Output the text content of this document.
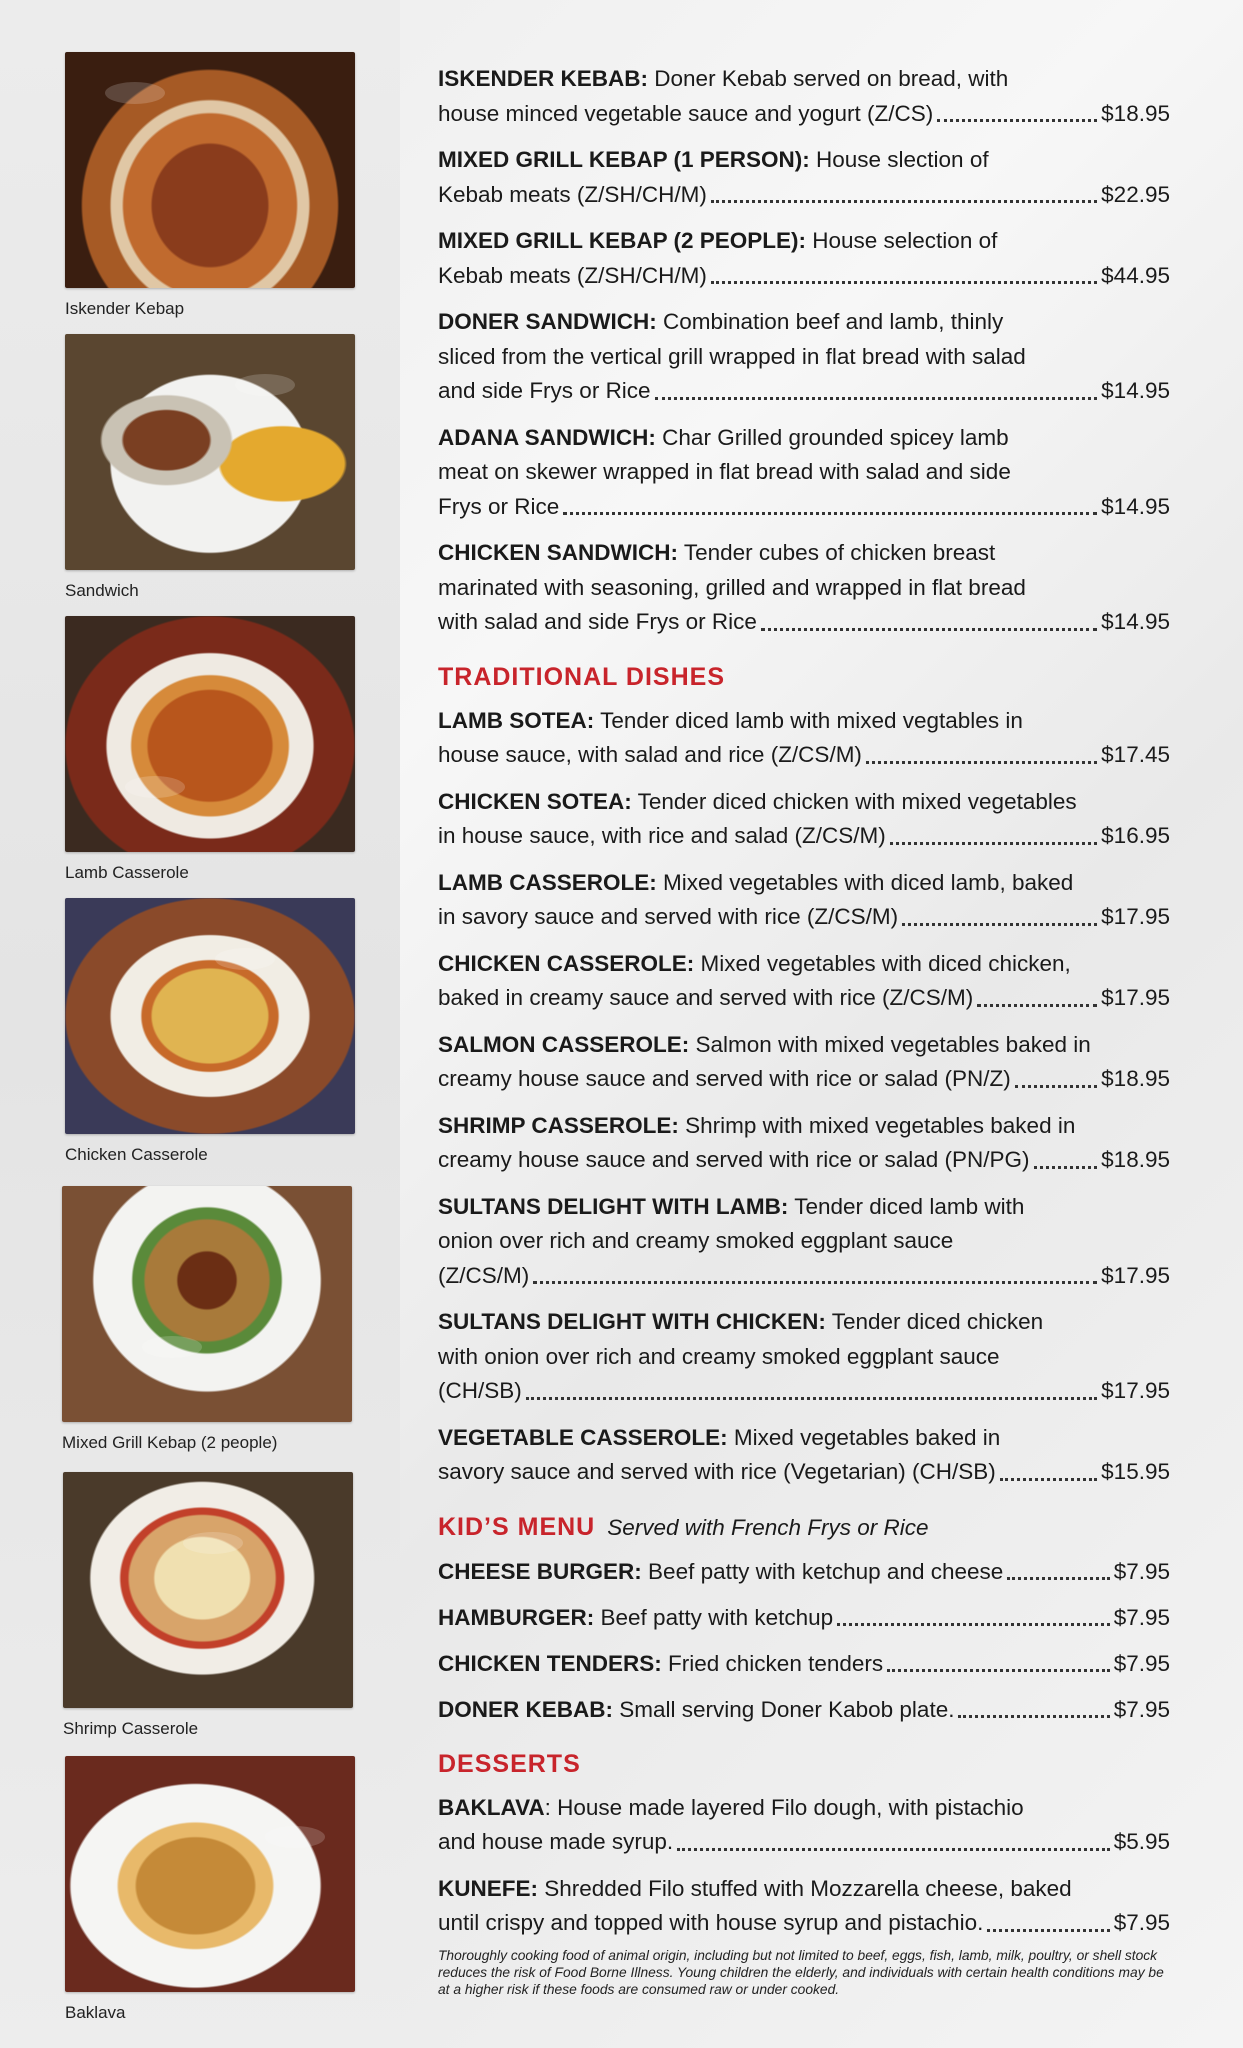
Iskender Kebap
Sandwich
Lamb Casserole
Chicken Casserole
Mixed Grill Kebap (2 people)
Shrimp Casserole
Baklava
ISKENDER KEBAB: Doner Kebab served on bread, with
house minced vegetable sauce and yogurt (Z/CS)	$18.95
MIXED GRILL KEBAP (1 PERSON): House slection of
Kebab meats (Z/SH/CH/M)	$22.95
MIXED GRILL KEBAP (2 PEOPLE): House selection of
Kebab meats (Z/SH/CH/M)	$44.95
DONER SANDWICH: Combination beef and lamb, thinly
sliced from the vertical grill wrapped in flat bread with salad
and side Frys or Rice	$14.95
ADANA SANDWICH: Char Grilled grounded spicey lamb
meat on skewer wrapped in flat bread with salad and side
Frys or Rice	$14.95
CHICKEN SANDWICH: Tender cubes of chicken breast
marinated with seasoning, grilled and wrapped in flat bread
with salad and side Frys or Rice	$14.95
TRADITIONAL DISHES
LAMB SOTEA: Tender diced lamb with mixed vegtables in
house sauce, with salad and rice (Z/CS/M)	$17.45
CHICKEN SOTEA: Tender diced chicken with mixed vegetables
in house sauce, with rice and salad (Z/CS/M)	$16.95
LAMB CASSEROLE: Mixed vegetables with diced lamb, baked
in savory sauce and served with rice (Z/CS/M)	$17.95
CHICKEN CASSEROLE: Mixed vegetables with diced chicken,
baked in creamy sauce and served with rice (Z/CS/M)	$17.95
SALMON CASSEROLE: Salmon with mixed vegetables baked in
creamy house sauce and served with rice or salad (PN/Z)	$18.95
SHRIMP CASSEROLE: Shrimp with mixed vegetables baked in
creamy house sauce and served with rice or salad (PN/PG)	$18.95
SULTANS DELIGHT WITH LAMB: Tender diced lamb with
onion over rich and creamy smoked eggplant sauce
(Z/CS/M)	$17.95
SULTANS DELIGHT WITH CHICKEN: Tender diced chicken
with onion over rich and creamy smoked eggplant sauce
(CH/SB)	$17.95
VEGETABLE CASSEROLE: Mixed vegetables baked in
savory sauce and served with rice (Vegetarian) (CH/SB)	$15.95
KID’S MENU Served with French Frys or Rice
CHEESE BURGER: Beef patty with ketchup and cheese	$7.95
HAMBURGER: Beef patty with ketchup	$7.95
CHICKEN TENDERS: Fried chicken tenders	$7.95
DONER KEBAB: Small serving Doner Kabob plate.	$7.95
DESSERTS
BAKLAVA: House made layered Filo dough, with pistachio
and house made syrup.	$5.95
KUNEFE: Shredded Filo stuffed with Mozzarella cheese, baked
until crispy and topped with house syrup and pistachio.	$7.95
Thoroughly cooking food of animal origin, including but not limited to beef, eggs, fish, lamb, milk, poultry, or shell stock reduces the risk of Food Borne Illness. Young children the elderly, and individuals with certain health conditions may be at a higher risk if these foods are consumed raw or under cooked.
